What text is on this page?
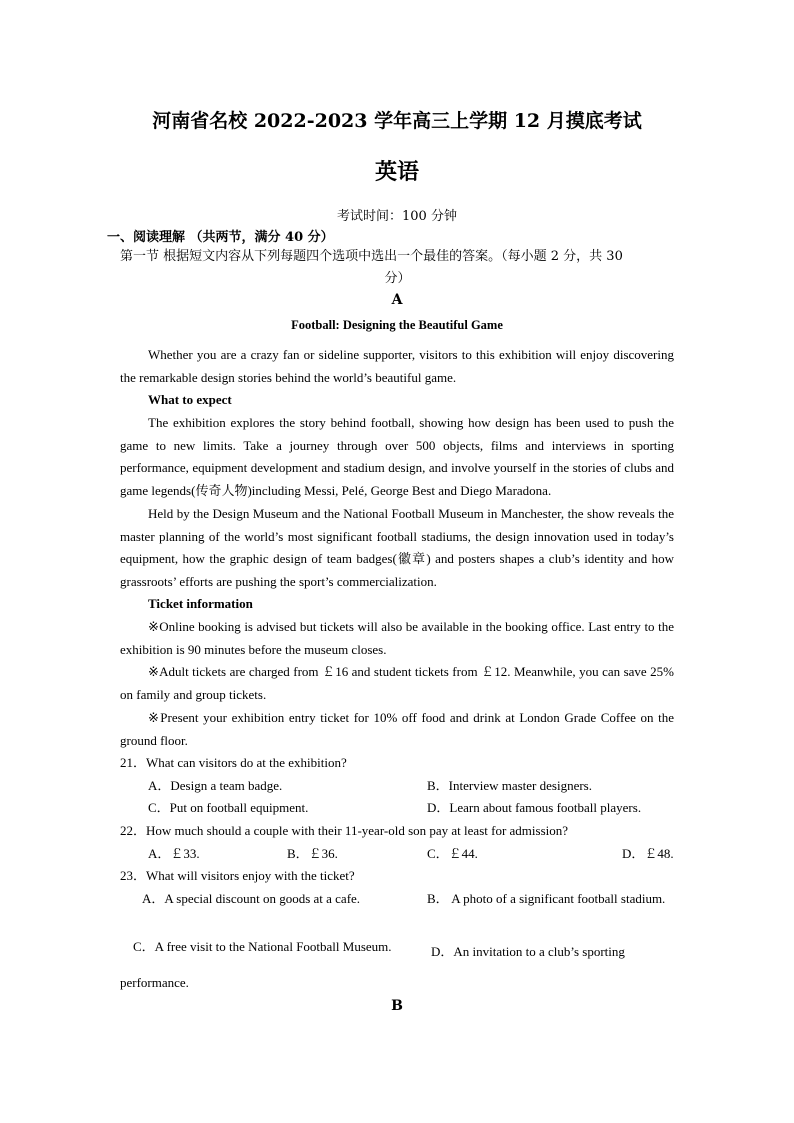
河南省名校 2022-2023 学年高三上学期 12 月摸底考试
英语
考试时间：100 分钟
一、阅读理解 （共两节，满分 40 分）
第一节 根据短文内容从下列每题四个选项中选出一个最佳的答案。（每小题 2 分，共 30
分）
A
Football: Designing the Beautiful Game

Whether you are a crazy fan or sideline supporter, visitors to this exhibition will enjoy discovering the remarkable design stories behind the world’s beautiful game.

What to expect

The exhibition explores the story behind football, showing how design has been used to push the game to new limits. Take a journey through over 500 objects, films and interviews in sporting performance, equipment development and stadium design, and involve yourself in the stories of clubs and game legends(传奇人物)including Messi, Pelé, George Best and Diego Maradona.

Held by the Design Museum and the National Football Museum in Manchester, the show reveals the master planning of the world’s most significant football stadiums, the design innovation used in today’s equipment, how the graphic design of team badges(徽章) and posters shapes a club’s identity and how grassroots’ efforts are pushing the sport’s commercialization.

Ticket information

※Online booking is advised but tickets will also be available in the booking office. Last entry to the exhibition is 90 minutes before the museum closes.

※Adult tickets are charged from ￡16 and student tickets from ￡12. Meanwhile, you can save 25% on family and group tickets.

※Present your exhibition entry ticket for 10% off food and drink at London Grade Coffee on the ground floor.

21．What can visitors do at the exhibition?
A．Design a team badge.	B．Interview master designers.
C．Put on football equipment.	D．Learn about famous football players.
22．How much should a couple with their 11-year-old son pay at least for admission?
A．￡33.	B．￡36.	C．￡44.	D．￡48.
23．What will visitors enjoy with the ticket?
A．A special discount on goods at a cafe.	B． A photo of a significant football stadium.
C．A free visit to the National Football Museum.	D．An invitation to a club’s sporting performance.
B
